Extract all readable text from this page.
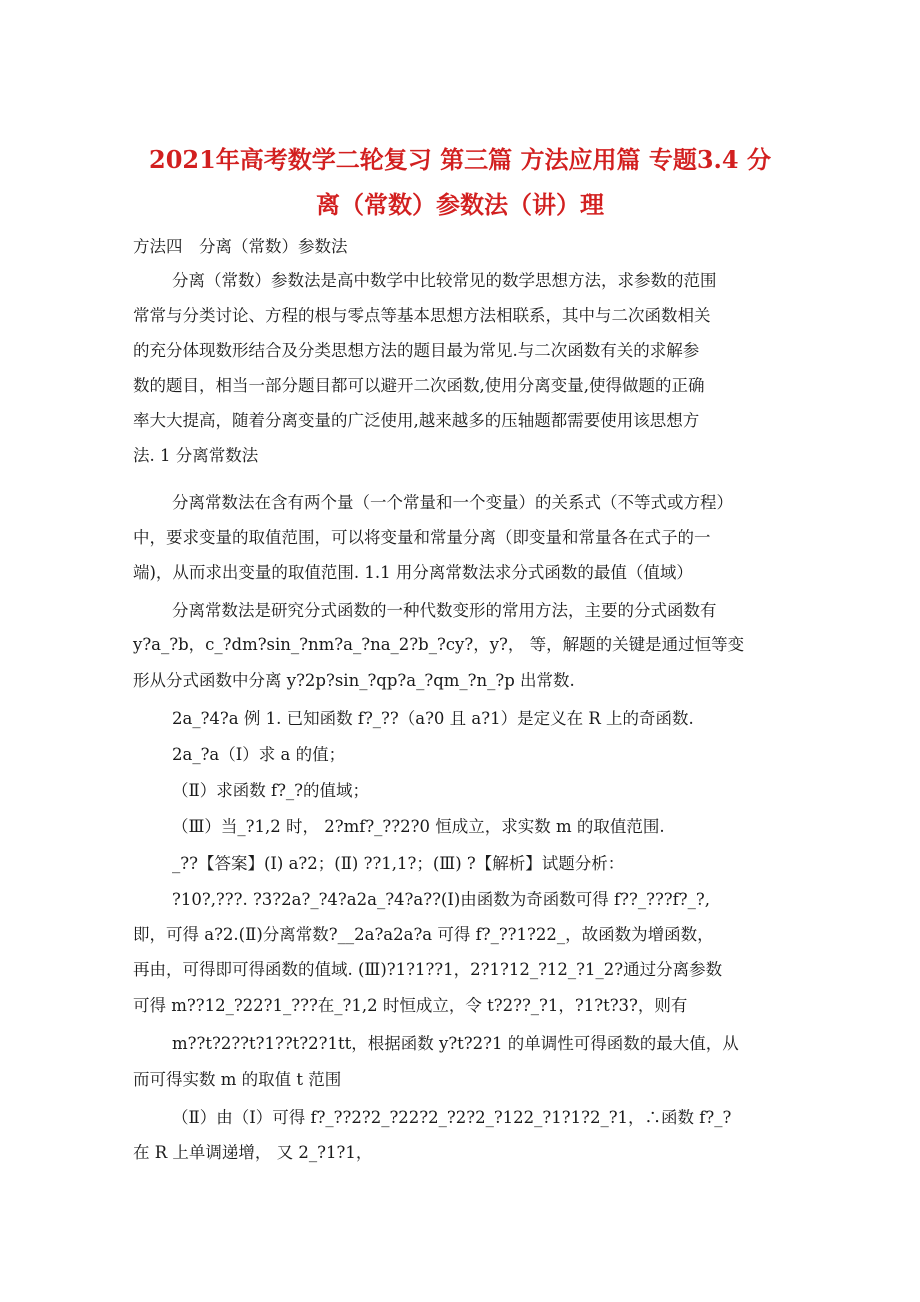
2021年高考数学二轮复习 第三篇 方法应用篇 专题3.4 分
离（常数）参数法（讲）理
方法四　分离（常数）参数法
分离（常数）参数法是高中数学中比较常见的数学思想方法，求参数的范围
常常与分类讨论、方程的根与零点等基本思想方法相联系，其中与二次函数相关
的充分体现数形结合及分类思想方法的题目最为常见.与二次函数有关的求解参
数的题目，相当一部分题目都可以避开二次函数,使用分离变量,使得做题的正确
率大大提高，随着分离变量的广泛使用,越来越多的压轴题都需要使用该思想方
法. 1 分离常数法
分离常数法在含有两个量（一个常量和一个变量）的关系式（不等式或方程）
中，要求变量的取值范围，可以将变量和常量分离（即变量和常量各在式子的一
端)，从而求出变量的取值范围. 1.1 用分离常数法求分式函数的最值（值域）
分离常数法是研究分式函数的一种代数变形的常用方法，主要的分式函数有
y?a_?b，c_?dm?sin_?nm?a_?na_2?b_?cy?，y?， 等，解题的关键是通过恒等变
形从分式函数中分离 y?2p?sin_?qp?a_?qm_?n_?p 出常数.
2a_?4?a 例 1. 已知函数 f?_??（a?0 且 a?1）是定义在 R 上的奇函数.
2a_?a（Ⅰ）求 a 的值；
（Ⅱ）求函数 f?_?的值域；
（Ⅲ）当_?1,2 时， 2?mf?_??2?0 恒成立，求实数 m 的取值范围.
_??【答案】(Ⅰ) a?2；(Ⅱ) ??1,1?；(Ⅲ) ?【解析】试题分析：
?10?,???. ?3?2a?_?4?a2a_?4?a??(Ⅰ)由函数为奇函数可得 f??_???f?_?,
即，可得 a?2.(Ⅱ)分离常数?__2a?a2a?a 可得 f?_??1?22_，故函数为增函数，
再由，可得即可得函数的值域. (Ⅲ)?1?1??1，2?1?12_?12_?1_2?通过分离参数
可得 m??12_?22?1_???在_?1,2 时恒成立，令 t?2??_?1，?1?t?3?，则有
m??t?2??t?1??t?2?1tt，根据函数 y?t?2?1 的单调性可得函数的最大值，从
而可得实数 m 的取值 t 范围
（Ⅱ）由（Ⅰ）可得 f?_??2?2_?22?2_?2?2_?122_?1?1?2_?1，∴函数 f?_?
在 R 上单调递增， 又 2_?1?1，
